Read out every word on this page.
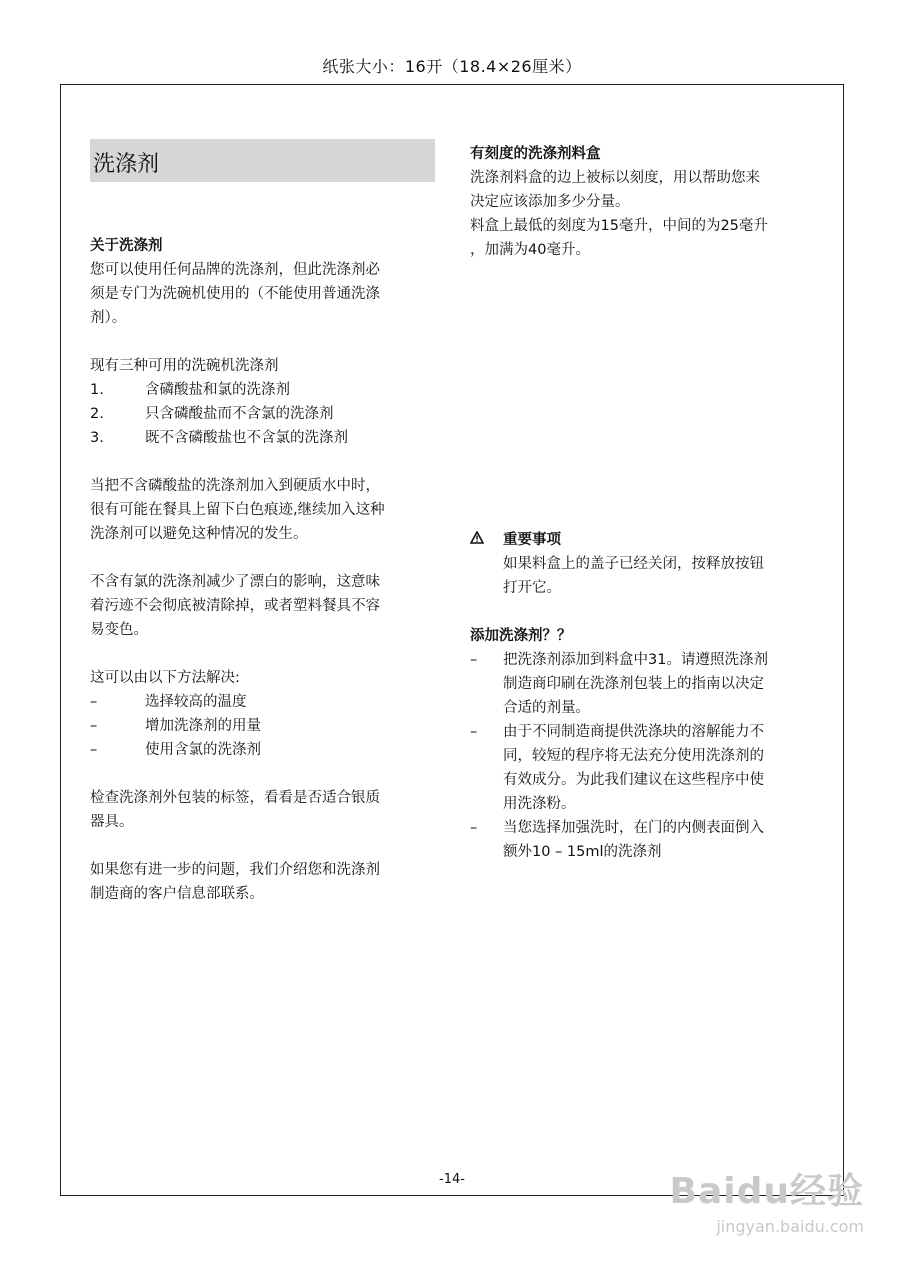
纸张大小：16开（18.4×26厘米）
洗涤剂

关于洗涤剂

您可以使用任何品牌的洗涤剂，但此洗涤剂必

须是专门为洗碗机使用的（不能使用普通洗涤

剂）。

现有三种可用的洗碗机洗涤剂

1.	含磷酸盐和氯的洗涤剂
2.	只含磷酸盐而不含氯的洗涤剂
3.	既不含磷酸盐也不含氯的洗涤剂

当把不含磷酸盐的洗涤剂加入到硬质水中时，

很有可能在餐具上留下白色痕迹,继续加入这种

洗涤剂可以避免这种情况的发生。

不含有氯的洗涤剂减少了漂白的影响，这意味

着污迹不会彻底被清除掉，或者塑料餐具不容

易变色。

这可以由以下方法解决:

–	选择较高的温度
–	增加洗涤剂的用量
–	使用含氯的洗涤剂

检查洗涤剂外包装的标签，看看是否适合银质

器具。

如果您有进一步的问题，我们介绍您和洗涤剂

制造商的客户信息部联系。

有刻度的洗涤剂料盒

洗涤剂料盒的边上被标以刻度，用以帮助您来

决定应该添加多少分量。

料盒上最低的刻度为15毫升，中间的为25毫升

，加满为40毫升。

重要事项

如果料盒上的盖子已经关闭，按释放按钮

打开它。

添加洗涤剂？？

–	把洗涤剂添加到料盒中31。请遵照洗涤剂

制造商印刷在洗涤剂包装上的指南以决定

合适的剂量。

–	由于不同制造商提供洗涤块的溶解能力不

同，较短的程序将无法充分使用洗涤剂的

有效成分。为此我们建议在这些程序中使

用洗涤粉。

–	当您选择加强洗时，在门的内侧表面倒入

额外10 – 15ml的洗涤剂

-14-	Baidu经验
jingyan.baidu.com
